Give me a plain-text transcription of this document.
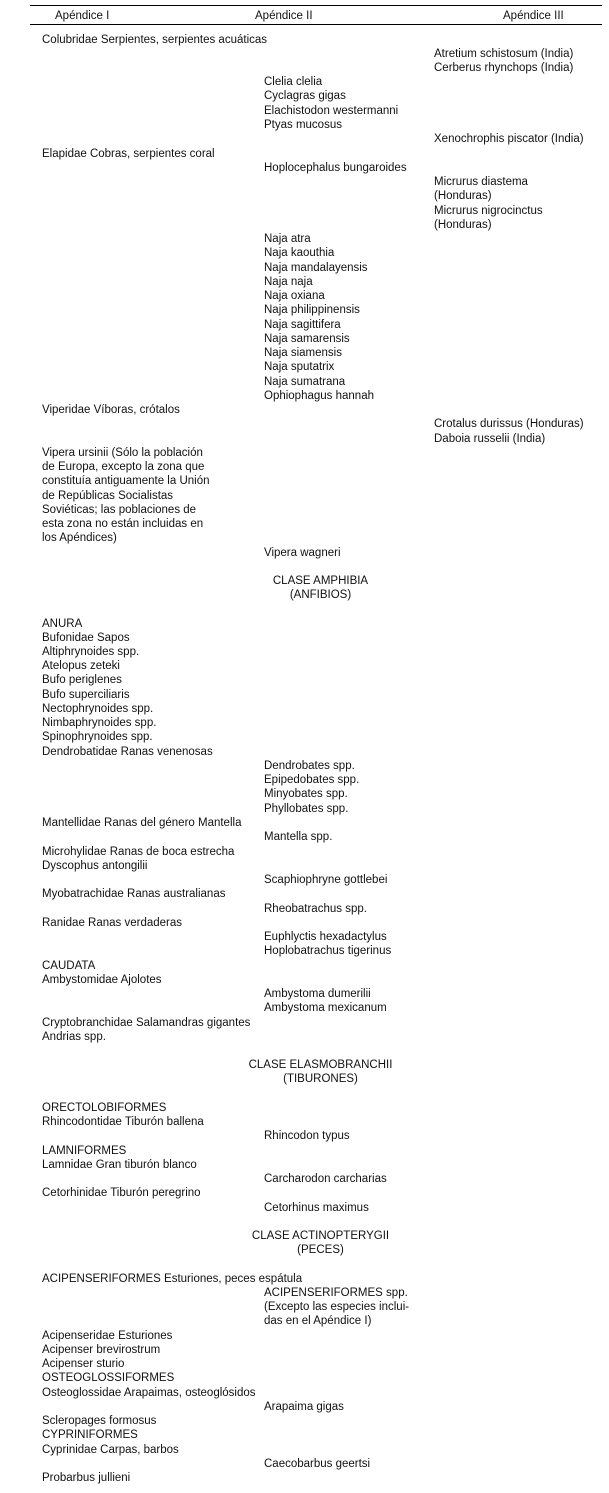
Apéndice I	Apéndice II	Apéndice III
Colubridae Serpientes, serpientes acuáticas
Atretium schistosum (India)
Cerberus rhynchops (India)
Clelia clelia
Cyclagras gigas
Elachistodon westermanni
Ptyas mucosus
Xenochrophis piscator (India)
Elapidae Cobras, serpientes coral
Hoplocephalus bungaroides
Micrurus diastema
(Honduras)
Micrurus nigrocinctus
(Honduras)
Naja atra
Naja kaouthia
Naja mandalayensis
Naja naja
Naja oxiana
Naja philippinensis
Naja sagittifera
Naja samarensis
Naja siamensis
Naja sputatrix
Naja sumatrana
Ophiophagus hannah
Viperidae Víboras, crótalos
Crotalus durissus (Honduras)
Daboia russelii (India)
Vipera ursinii (Sólo la población
de Europa, excepto la zona que
constituía antiguamente la Unión
de Repúblicas Socialistas
Soviéticas; las poblaciones de
esta zona no están incluidas en
los Apéndices)
Vipera wagneri
CLASE AMPHIBIA
(ANFIBIOS)
ANURA
Bufonidae Sapos
Altiphrynoides spp.
Atelopus zeteki
Bufo periglenes
Bufo superciliaris
Nectophrynoides spp.
Nimbaphrynoides spp.
Spinophrynoides spp.
Dendrobatidae Ranas venenosas
Dendrobates spp.
Epipedobates spp.
Minyobates spp.
Phyllobates spp.
Mantellidae Ranas del género Mantella
Mantella spp.
Microhylidae Ranas de boca estrecha
Dyscophus antongilii
Scaphiophryne gottlebei
Myobatrachidae Ranas australianas
Rheobatrachus spp.
Ranidae Ranas verdaderas
Euphlyctis hexadactylus
Hoplobatrachus tigerinus
CAUDATA
Ambystomidae Ajolotes
Ambystoma dumerilii
Ambystoma mexicanum
Cryptobranchidae Salamandras gigantes
Andrias spp.
CLASE ELASMOBRANCHII
(TIBURONES)
ORECTOLOBIFORMES
Rhincodontidae Tiburón ballena
Rhincodon typus
LAMNIFORMES
Lamnidae Gran tiburón blanco
Carcharodon carcharias
Cetorhinidae Tiburón peregrino
Cetorhinus maximus
CLASE ACTINOPTERYGII
(PECES)
ACIPENSERIFORMES Esturiones, peces espátula
ACIPENSERIFORMES spp.
(Excepto las especies inclui-
das en el Apéndice I)
Acipenseridae Esturiones
Acipenser brevirostrum
Acipenser sturio
OSTEOGLOSSIFORMES
Osteoglossidae Arapaimas, osteoglósidos
Arapaima gigas
Scleropages formosus
CYPRINIFORMES
Cyprinidae Carpas, barbos
Caecobarbus geertsi
Probarbus jullieni
